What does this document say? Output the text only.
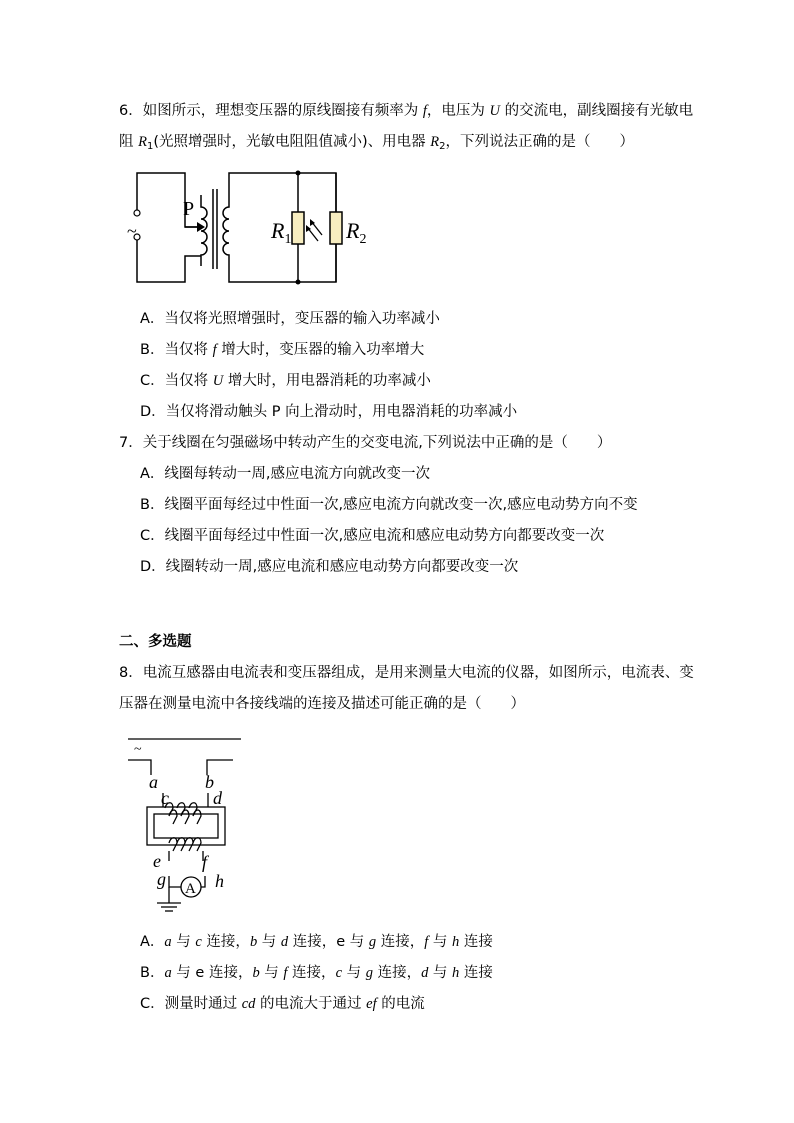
6．如图所示，理想变压器的原线圈接有频率为 f，电压为 U 的交流电，副线圈接有光敏电
阻 $R_1$(光照增强时，光敏电阻阻值减小)、用电器 $R_2$，下列说法正确的是（　　）
~
P
$R_1$ $R_2$
A．当仅将光照增强时，变压器的输入功率减小
B．当仅将 f 增大时，变压器的输入功率增大
C．当仅将 U 增大时，用电器消耗的功率减小
D．当仅将滑动触头 P 向上滑动时，用电器消耗的功率减小
7．关于线圈在匀强磁场中转动产生的交变电流,下列说法中正确的是（　　）
A．线圈每转动一周,感应电流方向就改变一次
B．线圈平面每经过中性面一次,感应电流方向就改变一次,感应电动势方向不变
C．线圈平面每经过中性面一次,感应电流和感应电动势方向都要改变一次
D．线圈转动一周,感应电流和感应电动势方向都要改变一次
二、多选题
8．电流互感器由电流表和变压器组成，是用来测量大电流的仪器，如图所示，电流表、变
压器在测量电流中各接线端的连接及描述可能正确的是（　　）
A
~
a	b
c d
e f
g	h
A．a 与 c 连接，b 与 d 连接，e 与 g 连接，f 与 h 连接
B．a 与 e 连接，b 与 f 连接，c 与 g 连接，d 与 h 连接
C．测量时通过 cd 的电流大于通过 ef 的电流
